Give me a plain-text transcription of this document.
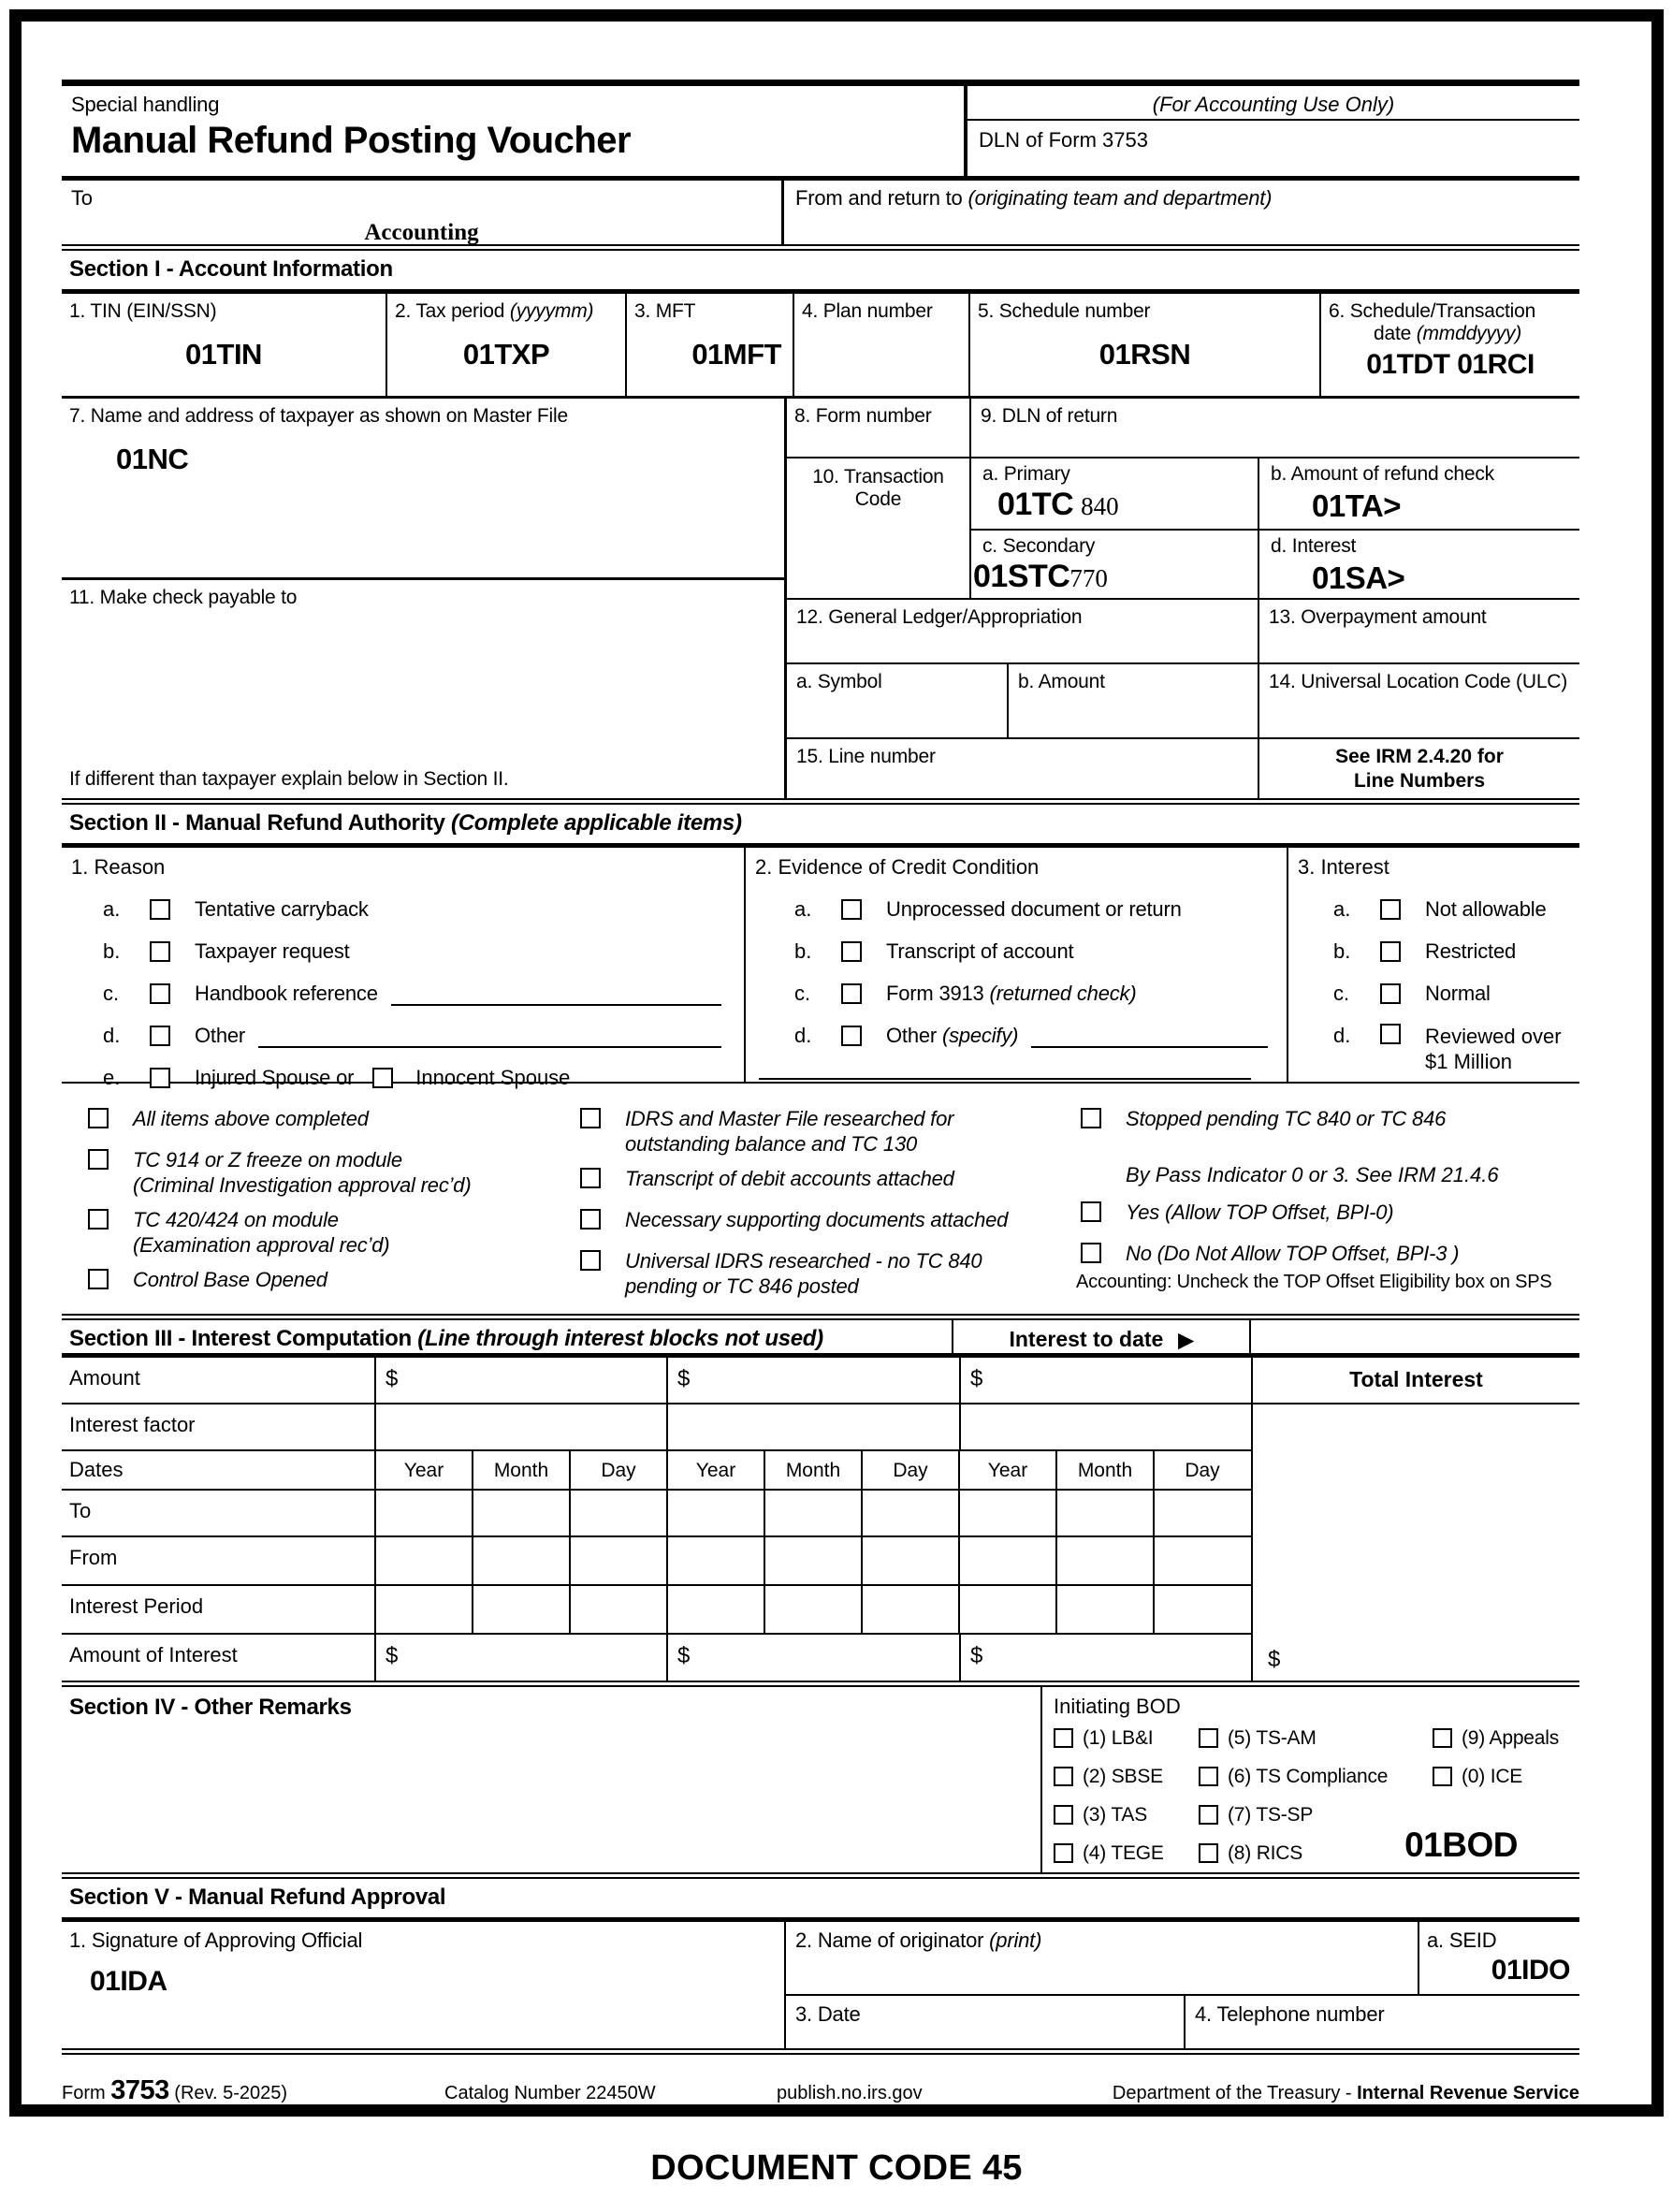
Special handling
Manual Refund Posting Voucher
(For Accounting Use Only)
DLN of Form 3753
To
Accounting
From and return to (originating team and department)
Section I - Account Information
1. TIN (EIN/SSN)
01TIN
2. Tax period (yyyymm)
01TXP
3. MFT
01MFT
4. Plan number	5. Schedule number
01RSN
6. Schedule/Transaction
date (mmddyyyy)
01TDT 01RCI
7. Name and address of taxpayer as shown on Master File
01NC
11. Make check payable to
If different than taxpayer explain below in Section II.
8. Form number	9. DLN of return
10. Transaction
Code
a. Primary
01TC 840
b. Amount of refund check
01TA>
c. Secondary
01STC770
d. Interest
01SA>
12. General Ledger/Appropriation	13. Overpayment amount
a. Symbol	b. Amount	14. Universal Location Code (ULC)
15. Line number	See IRM 2.4.20 for
Line Numbers
Section II - Manual Refund Authority (Complete applicable items)
1. Reason
a.	Tentative carryback
b.	Taxpayer request
c.	Handbook reference
d.	Other
e.	Injured Spouse or	Innocent Spouse
2. Evidence of Credit Condition
a.	Unprocessed document or return
b.	Transcript of account
c.	Form 3913 (returned check)
d.	Other (specify)
3. Interest
a.	Not allowable
b.	Restricted
c.	Normal
d.	Reviewed over
$1 Million
All items above completed
TC 914 or Z freeze on module
(Criminal Investigation approval rec’d)
TC 420/424 on module
(Examination approval rec’d)
Control Base Opened
IDRS and Master File researched for
outstanding balance and TC 130
Transcript of debit accounts attached
Necessary supporting documents attached
Universal IDRS researched - no TC 840
pending or TC 846 posted
Stopped pending TC 840 or TC 846
By Pass Indicator 0 or 3. See IRM 21.4.6
Yes (Allow TOP Offset, BPI-0)
No (Do Not Allow TOP Offset, BPI-3 )
Accounting: Uncheck the TOP Offset Eligibility box on SPS
Section III - Interest Computation (Line through interest blocks not used)	Interest to date ▶
Amount	$	$	$	Total Interest
Interest factor
Dates	Year	Month	Day	Year	Month	Day	Year	Month	Day
To
From
Interest Period
Amount of Interest	$	$	$	$
Section IV - Other Remarks	Initiating BOD
(1) LB&I	(5) TS-AM	(9) Appeals
(2) SBSE	(6) TS Compliance	(0) ICE
(3) TAS	(7) TS-SP
(4) TEGE	(8) RICS	01BOD
Section V - Manual Refund Approval
1. Signature of Approving Official
01IDA
2. Name of originator (print)	a. SEID
01IDO
3. Date	4. Telephone number
Form 3753 (Rev. 5-2025)	Catalog Number 22450W	publish.no.irs.gov	Department of the Treasury - Internal Revenue Service
DOCUMENT CODE 45
